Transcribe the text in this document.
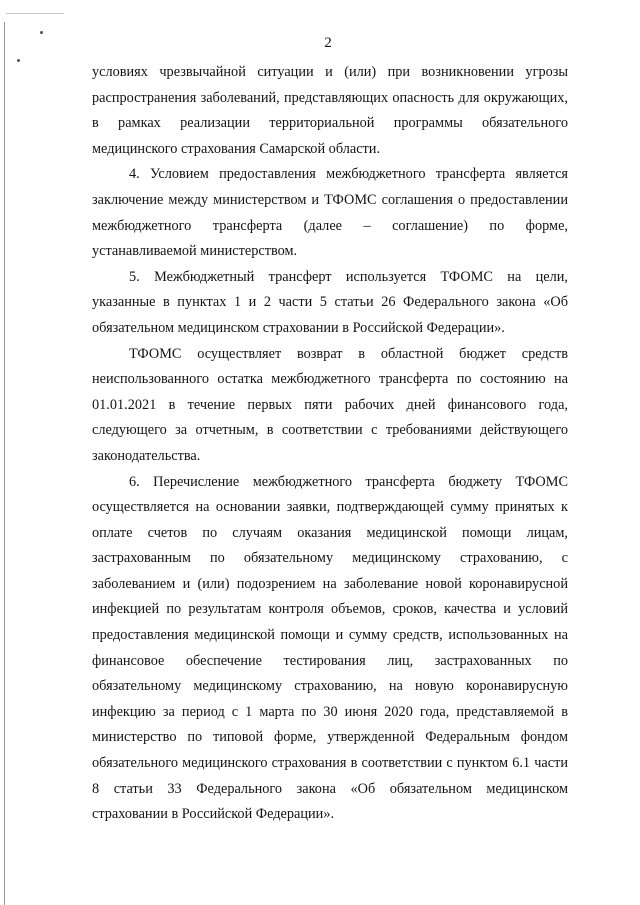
2

условиях чрезвычайной ситуации и (или) при возникновении угрозы распространения заболеваний, представляющих опасность для окружающих, в рамках реализации территориальной программы обязательного медицинского страхования Самарской области.

4. Условием предоставления межбюджетного трансферта является заключение между министерством и ТФОМС соглашения о предоставлении межбюджетного трансферта (далее – соглашение) по форме, устанавливаемой министерством.

5. Межбюджетный трансферт используется ТФОМС на цели, указанные в пунктах 1 и 2 части 5 статьи 26 Федерального закона «Об обязательном медицинском страховании в Российской Федерации».

ТФОМС осуществляет возврат в областной бюджет средств неиспользованного остатка межбюджетного трансферта по состоянию на 01.01.2021 в течение первых пяти рабочих дней финансового года, следующего за отчетным, в соответствии с требованиями действующего законодательства.

6. Перечисление межбюджетного трансферта бюджету ТФОМС осуществляется на основании заявки, подтверждающей сумму принятых к оплате счетов по случаям оказания медицинской помощи лицам, застрахованным по обязательному медицинскому страхованию, с заболеванием и (или) подозрением на заболевание новой коронавирусной инфекцией по результатам контроля объемов, сроков, качества и условий предоставления медицинской помощи и сумму средств, использованных на финансовое обеспечение тестирования лиц, застрахованных по обязательному медицинскому страхованию, на новую коронавирусную инфекцию за период с 1 марта по 30 июня 2020 года, представляемой в министерство по типовой форме, утвержденной Федеральным фондом обязательного медицинского страхования в соответствии с пунктом 6.1 части 8 статьи 33 Федерального закона «Об обязательном медицинском страховании в Российской Федерации».
